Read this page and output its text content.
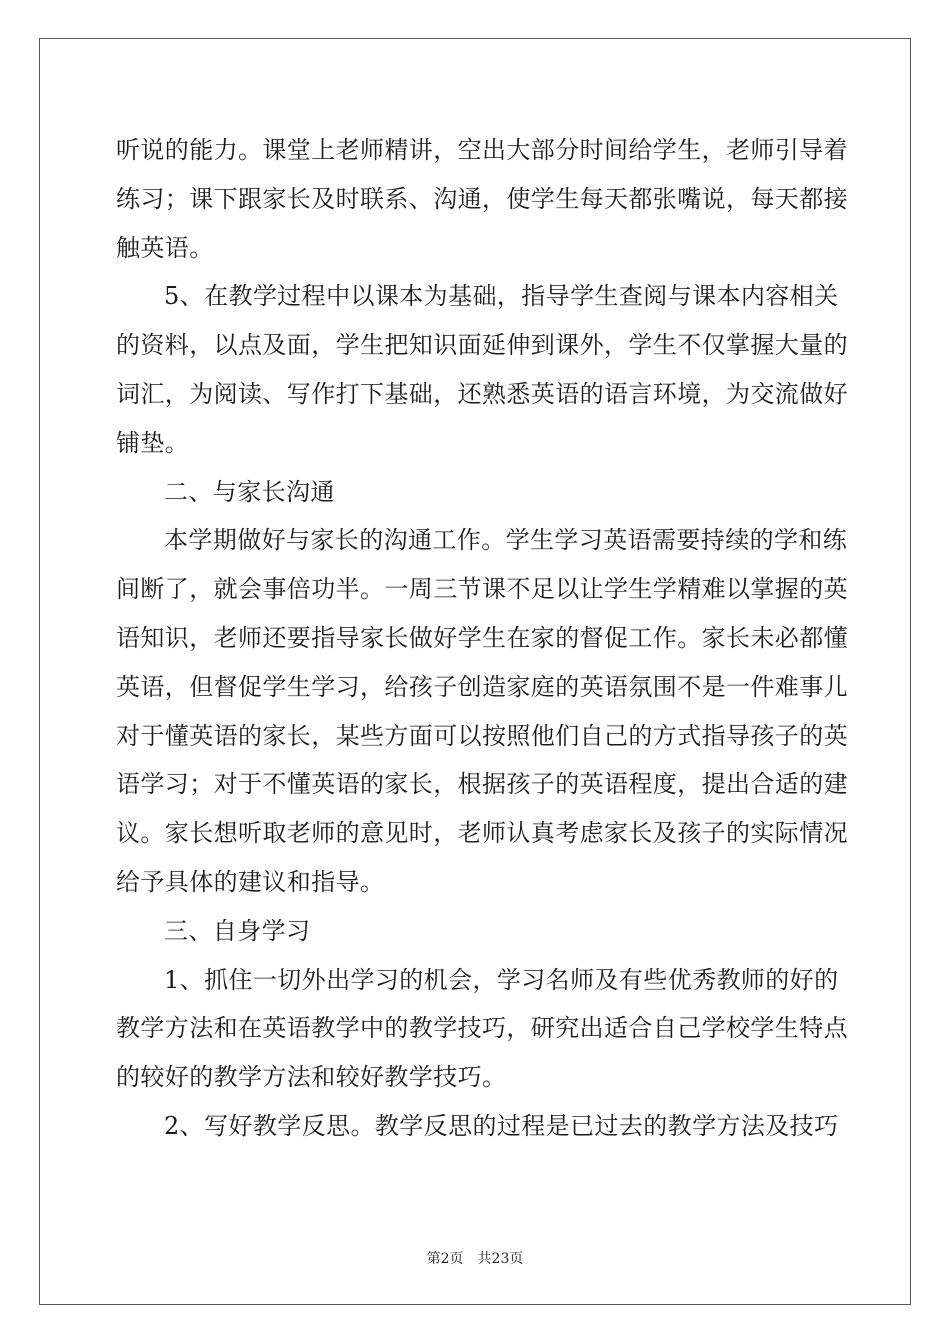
听说的能力。课堂上老师精讲，空出大部分时间给学生，老师引导着
练习；课下跟家长及时联系、沟通，使学生每天都张嘴说，每天都接
触英语。
5、在教学过程中以课本为基础，指导学生查阅与课本内容相关
的资料，以点及面，学生把知识面延伸到课外，学生不仅掌握大量的
词汇，为阅读、写作打下基础，还熟悉英语的语言环境，为交流做好
铺垫。
二、与家长沟通
本学期做好与家长的沟通工作。学生学习英语需要持续的学和练
间断了，就会事倍功半。一周三节课不足以让学生学精难以掌握的英
语知识，老师还要指导家长做好学生在家的督促工作。家长未必都懂
英语，但督促学生学习，给孩子创造家庭的英语氛围不是一件难事儿
对于懂英语的家长，某些方面可以按照他们自己的方式指导孩子的英
语学习；对于不懂英语的家长，根据孩子的英语程度，提出合适的建
议。家长想听取老师的意见时，老师认真考虑家长及孩子的实际情况
给予具体的建议和指导。
三、自身学习
1、抓住一切外出学习的机会，学习名师及有些优秀教师的好的
教学方法和在英语教学中的教学技巧，研究出适合自己学校学生特点
的较好的教学方法和较好教学技巧。
2、写好教学反思。教学反思的过程是已过去的教学方法及技巧
第2页 共23页
